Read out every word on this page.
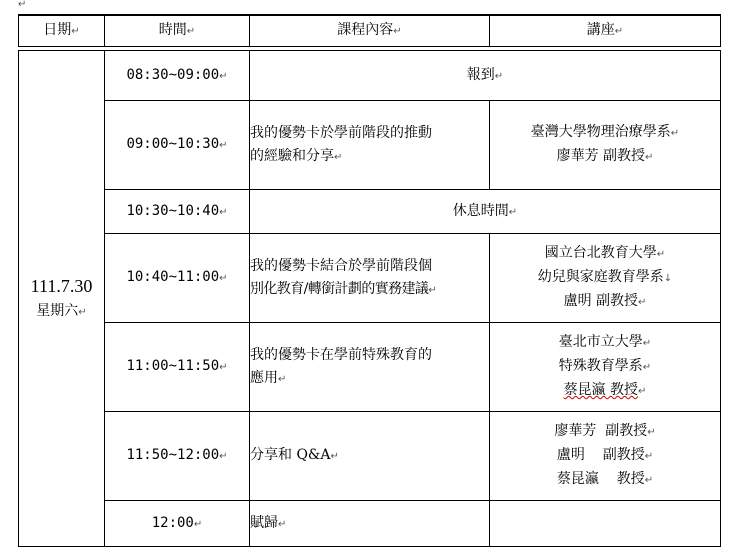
↵
日期↵	時間↵	課程內容↵	講座↵

111.7.30
星期六↵	08:30~09:00↵	報到↵	
	09:00~10:30↵	我的優勢卡於學前階段的推動
的經驗和分享↵	臺灣大學物理治療學系↵
廖華芳 副教授↵

	10:30~10:40↵	休息時間↵	
	10:40~11:00↵	我的優勢卡結合於學前階段個
別化教育/轉銜計劃的實務建議↵	國立台北教育大學↵
幼兒與家庭教育學系↓
盧明 副教授↵

	11:00~11:50↵	我的優勢卡在學前特殊教育的
應用↵	臺北市立大學↵
特殊教育學系↵
蔡昆瀛 教授↵

	11:50~12:00↵	分享和 Q&A↵	廖華芳  副教授↵
盧明    副教授↵
蔡昆瀛    教授↵

	12:00↵	賦歸↵	
